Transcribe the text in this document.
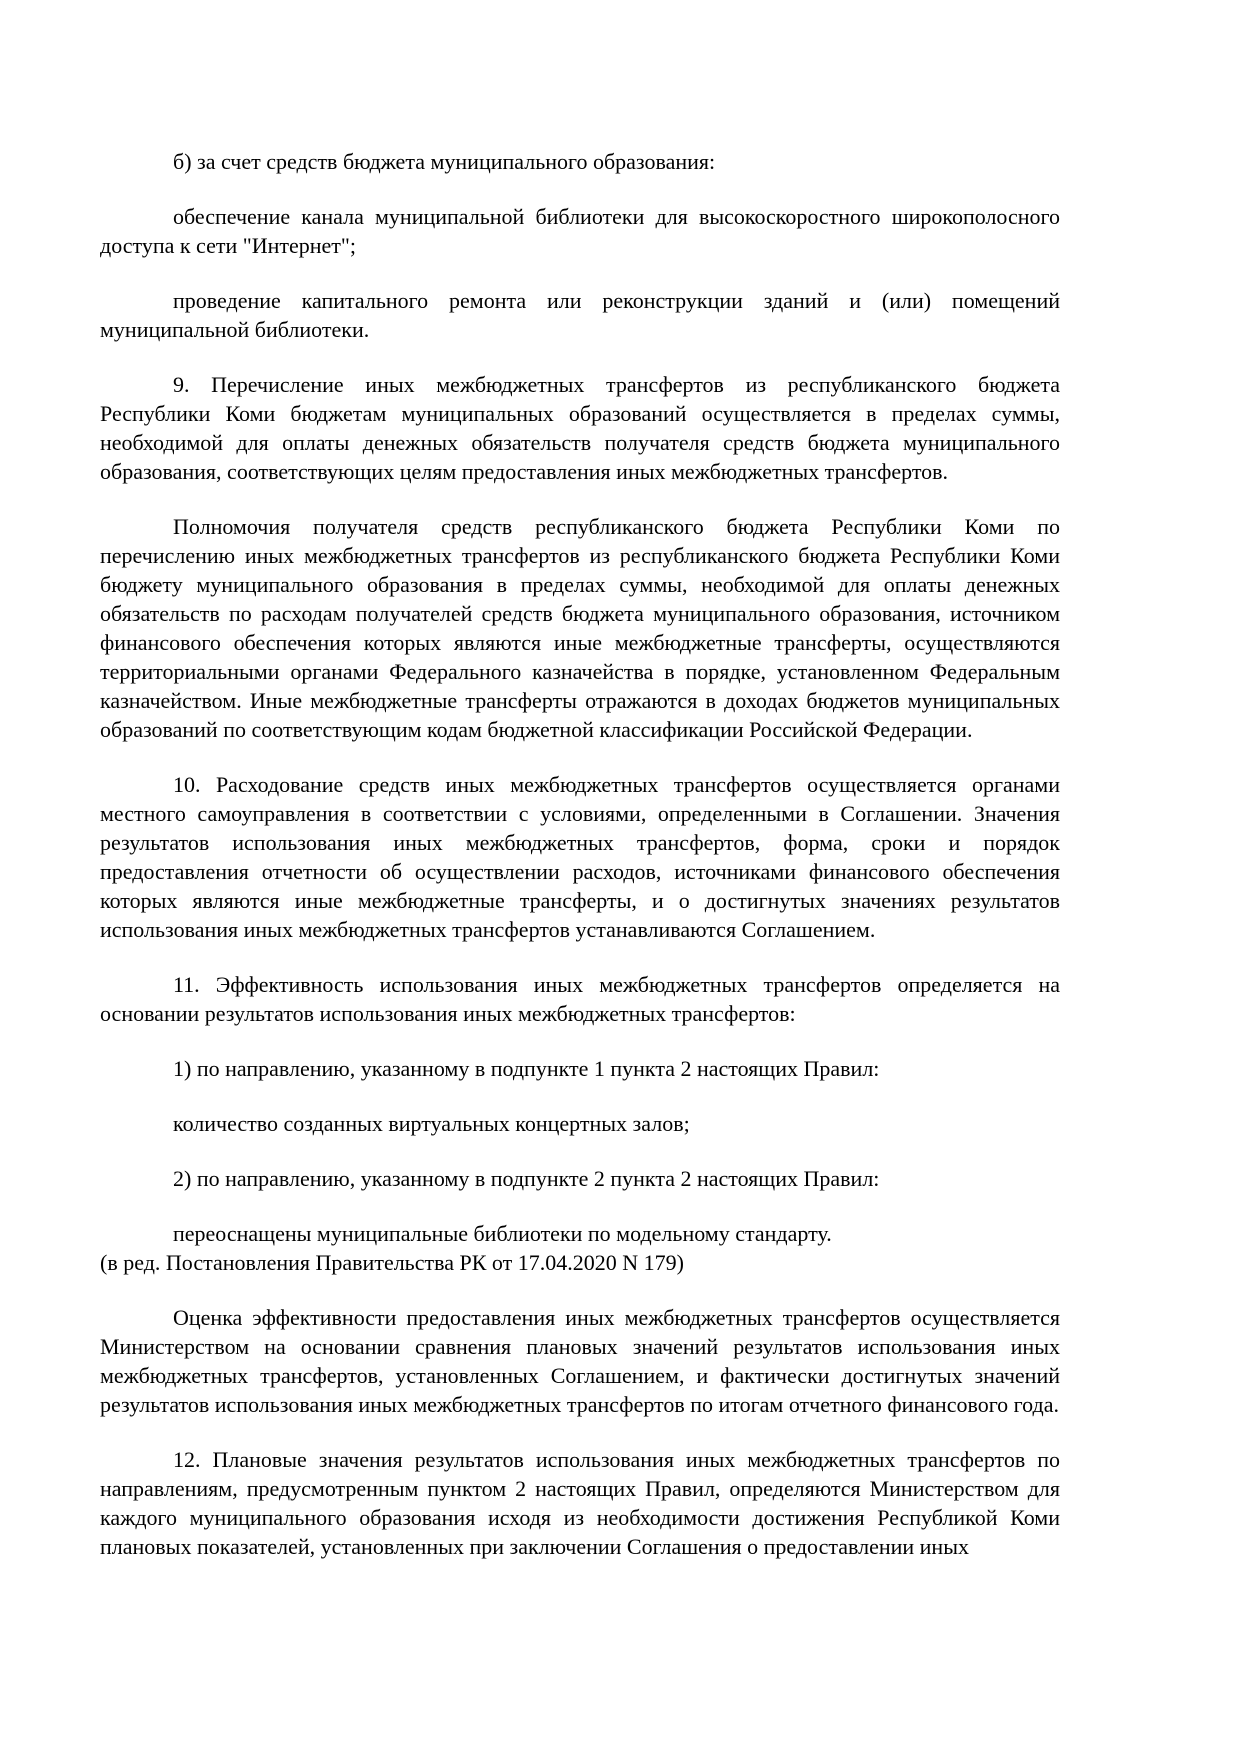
б) за счет средств бюджета муниципального образования:
обеспечение канала муниципальной библиотеки для высокоскоростного широкополосного доступа к сети "Интернет";
проведение капитального ремонта или реконструкции зданий и (или) помещений муниципальной библиотеки.
9. Перечисление иных межбюджетных трансфертов из республиканского бюджета Республики Коми бюджетам муниципальных образований осуществляется в пределах суммы, необходимой для оплаты денежных обязательств получателя средств бюджета муниципального образования, соответствующих целям предоставления иных межбюджетных трансфертов.
Полномочия получателя средств республиканского бюджета Республики Коми по перечислению иных межбюджетных трансфертов из республиканского бюджета Республики Коми бюджету муниципального образования в пределах суммы, необходимой для оплаты денежных обязательств по расходам получателей средств бюджета муниципального образования, источником финансового обеспечения которых являются иные межбюджетные трансферты, осуществляются территориальными органами Федерального казначейства в порядке, установленном Федеральным казначейством. Иные межбюджетные трансферты отражаются в доходах бюджетов муниципальных образований по соответствующим кодам бюджетной классификации Российской Федерации.
10. Расходование средств иных межбюджетных трансфертов осуществляется органами местного самоуправления в соответствии с условиями, определенными в Соглашении. Значения результатов использования иных межбюджетных трансфертов, форма, сроки и порядок предоставления отчетности об осуществлении расходов, источниками финансового обеспечения которых являются иные межбюджетные трансферты, и о достигнутых значениях результатов использования иных межбюджетных трансфертов устанавливаются Соглашением.
11. Эффективность использования иных межбюджетных трансфертов определяется на основании результатов использования иных межбюджетных трансфертов:
1) по направлению, указанному в подпункте 1 пункта 2 настоящих Правил:
количество созданных виртуальных концертных залов;
2) по направлению, указанному в подпункте 2 пункта 2 настоящих Правил:
переоснащены муниципальные библиотеки по модельному стандарту.
(в ред. Постановления Правительства РК от 17.04.2020 N 179)
Оценка эффективности предоставления иных межбюджетных трансфертов осуществляется Министерством на основании сравнения плановых значений результатов использования иных межбюджетных трансфертов, установленных Соглашением, и фактически достигнутых значений результатов использования иных межбюджетных трансфертов по итогам отчетного финансового года.
12. Плановые значения результатов использования иных межбюджетных трансфертов по направлениям, предусмотренным пунктом 2 настоящих Правил, определяются Министерством для каждого муниципального образования исходя из необходимости достижения Республикой Коми плановых показателей, установленных при заключении Соглашения о предоставлении иных
